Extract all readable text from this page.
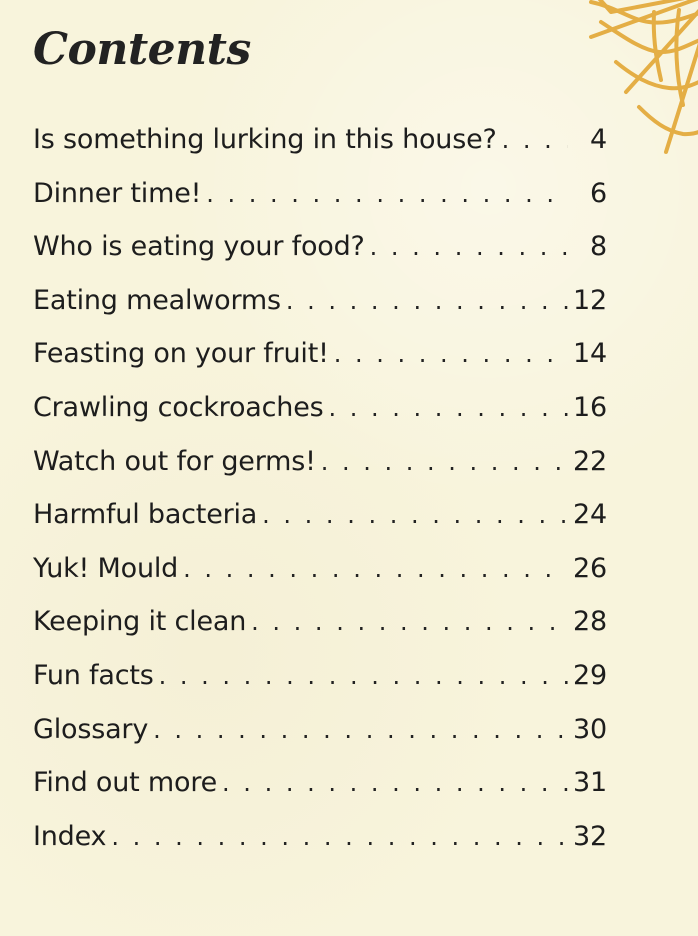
Contents
Is something lurking in this house? . . .	4
Dinner time! . . .	6
Who is eating your food? . . .	8
Eating mealworms . . .	12
Feasting on your fruit! . . .	14
Crawling cockroaches . . .	16
Watch out for germs! . . .	22
Harmful bacteria . . .	24
Yuk! Mould . . .	26
Keeping it clean . . .	28
Fun facts . . .	29
Glossary . . .	30
Find out more . . .	31
Index . . .	32
